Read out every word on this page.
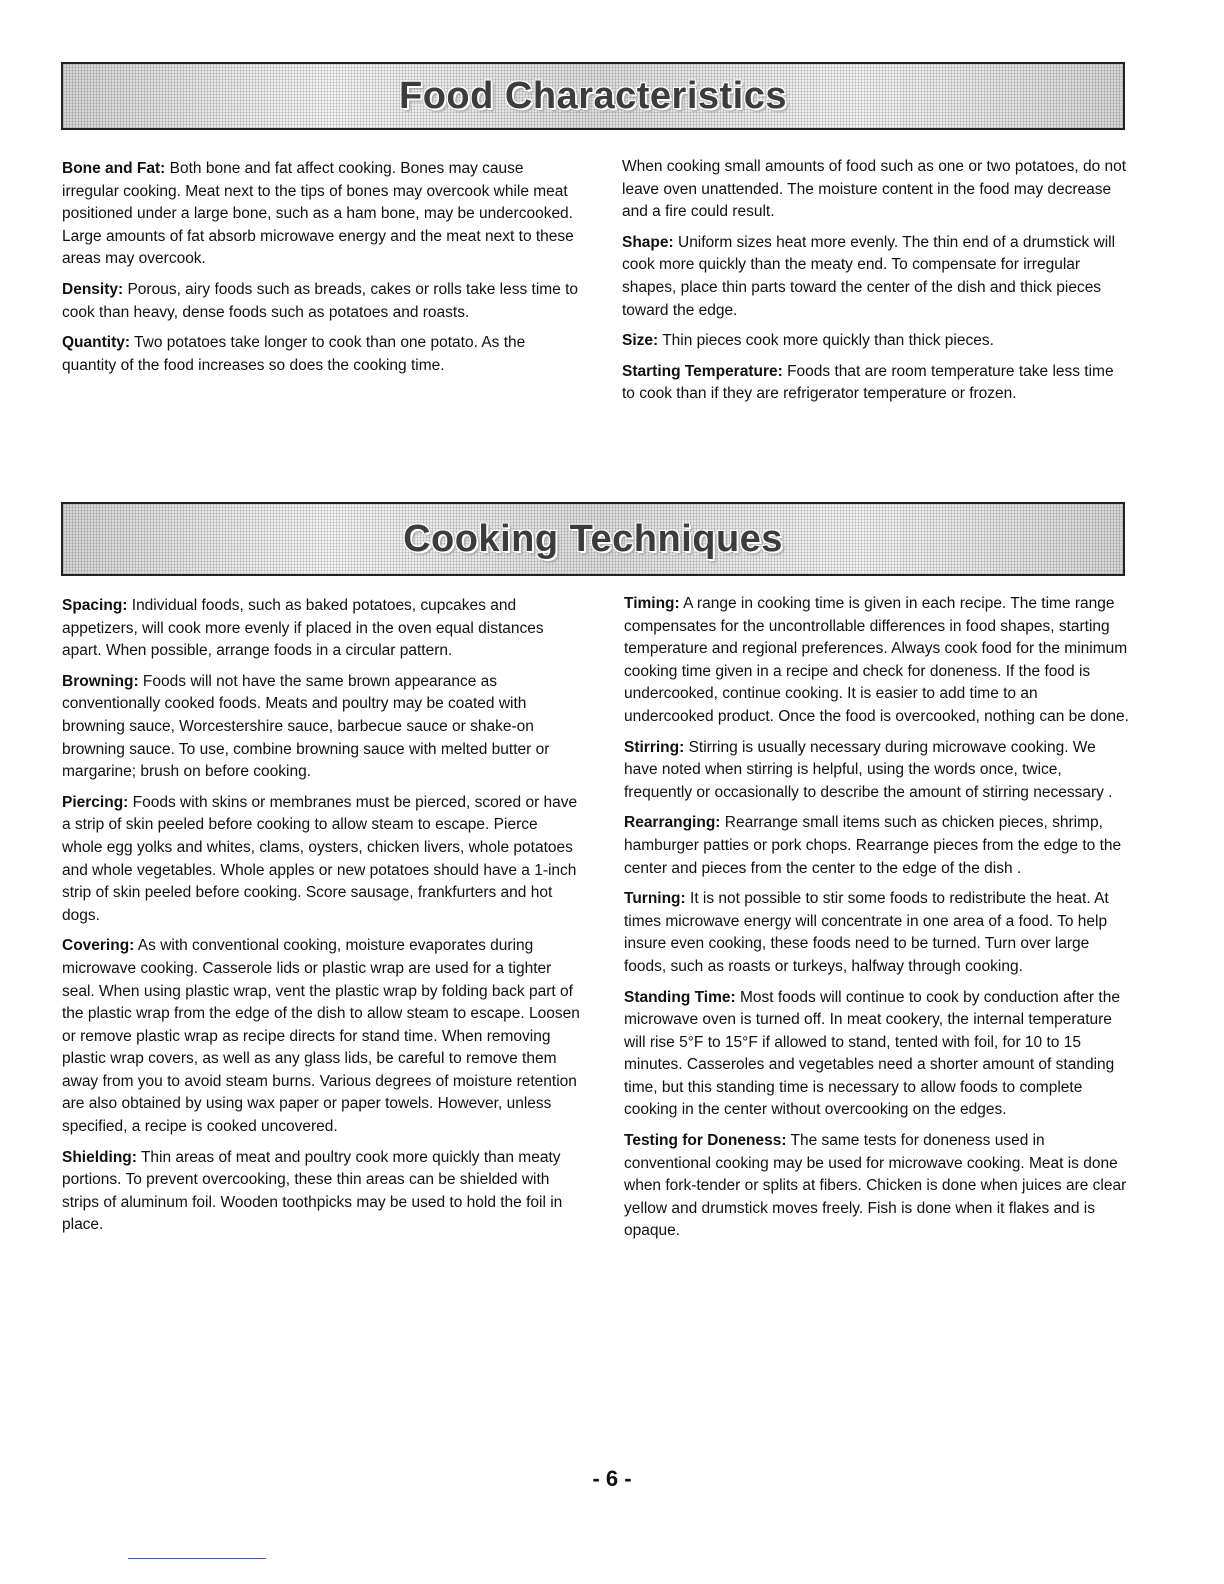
Food Characteristics

Bone and Fat: Both bone and fat affect cooking. Bones may cause irregular cooking. Meat next to the tips of bones may overcook while meat positioned under a large bone, such as a ham bone, may be undercooked. Large amounts of fat absorb microwave energy and the meat next to these areas may overcook.

Density: Porous, airy foods such as breads, cakes or rolls take less time to cook than heavy, dense foods such as potatoes and roasts.

Quantity: Two potatoes take longer to cook than one potato. As the quantity of the food increases so does the cooking time.

When cooking small amounts of food such as one or two potatoes, do not leave oven unattended. The moisture content in the food may decrease and a fire could result.

Shape: Uniform sizes heat more evenly. The thin end of a drumstick will cook more quickly than the meaty end. To compensate for irregular shapes, place thin parts toward the center of the dish and thick pieces toward the edge.

Size: Thin pieces cook more quickly than thick pieces.

Starting Temperature: Foods that are room temperature take less time to cook than if they are refrigerator temperature or frozen.

Cooking Techniques

Spacing: Individual foods, such as baked potatoes, cupcakes and appetizers, will cook more evenly if placed in the oven equal distances apart. When possible, arrange foods in a circular pattern.

Browning: Foods will not have the same brown appearance as conventionally cooked foods. Meats and poultry may be coated with browning sauce, Worcestershire sauce, barbecue sauce or shake-on browning sauce. To use, combine browning sauce with melted butter or margarine; brush on before cooking.

Piercing: Foods with skins or membranes must be pierced, scored or have a strip of skin peeled before cooking to allow steam to escape. Pierce whole egg yolks and whites, clams, oysters, chicken livers, whole potatoes and whole vegetables. Whole apples or new potatoes should have a 1-inch strip of skin peeled before cooking. Score sausage, frankfurters and hot dogs.

Covering: As with conventional cooking, moisture evaporates during microwave cooking. Casserole lids or plastic wrap are used for a tighter seal. When using plastic wrap, vent the plastic wrap by folding back part of the plastic wrap from the edge of the dish to allow steam to escape. Loosen or remove plastic wrap as recipe directs for stand time. When removing plastic wrap covers, as well as any glass lids, be careful to remove them away from you to avoid steam burns. Various degrees of moisture retention are also obtained by using wax paper or paper towels. However, unless specified, a recipe is cooked uncovered.

Shielding: Thin areas of meat and poultry cook more quickly than meaty portions. To prevent overcooking, these thin areas can be shielded with strips of aluminum foil. Wooden toothpicks may be used to hold the foil in place.

Timing: A range in cooking time is given in each recipe. The time range compensates for the uncontrollable differences in food shapes, starting temperature and regional preferences. Always cook food for the minimum cooking time given in a recipe and check for doneness. If the food is undercooked, continue cooking. It is easier to add time to an undercooked product. Once the food is overcooked, nothing can be done.

Stirring: Stirring is usually necessary during microwave cooking. We have noted when stirring is helpful, using the words once, twice, frequently or occasionally to describe the amount of stirring necessary .

Rearranging: Rearrange small items such as chicken pieces, shrimp, hamburger patties or pork chops. Rearrange pieces from the edge to the center and pieces from the center to the edge of the dish .

Turning: It is not possible to stir some foods to redistribute the heat. At times microwave energy will concentrate in one area of a food. To help insure even cooking, these foods need to be turned. Turn over large foods, such as roasts or turkeys, halfway through cooking.

Standing Time: Most foods will continue to cook by conduction after the microwave oven is turned off. In meat cookery, the internal temperature will rise 5°F to 15°F if allowed to stand, tented with foil, for 10 to 15 minutes. Casseroles and vegetables need a shorter amount of standing time, but this standing time is necessary to allow foods to complete cooking in the center without overcooking on the edges.

Testing for Doneness: The same tests for doneness used in conventional cooking may be used for microwave cooking. Meat is done when fork-tender or splits at fibers. Chicken is done when juices are clear yellow and drumstick moves freely. Fish is done when it flakes and is opaque.

- 6 -
